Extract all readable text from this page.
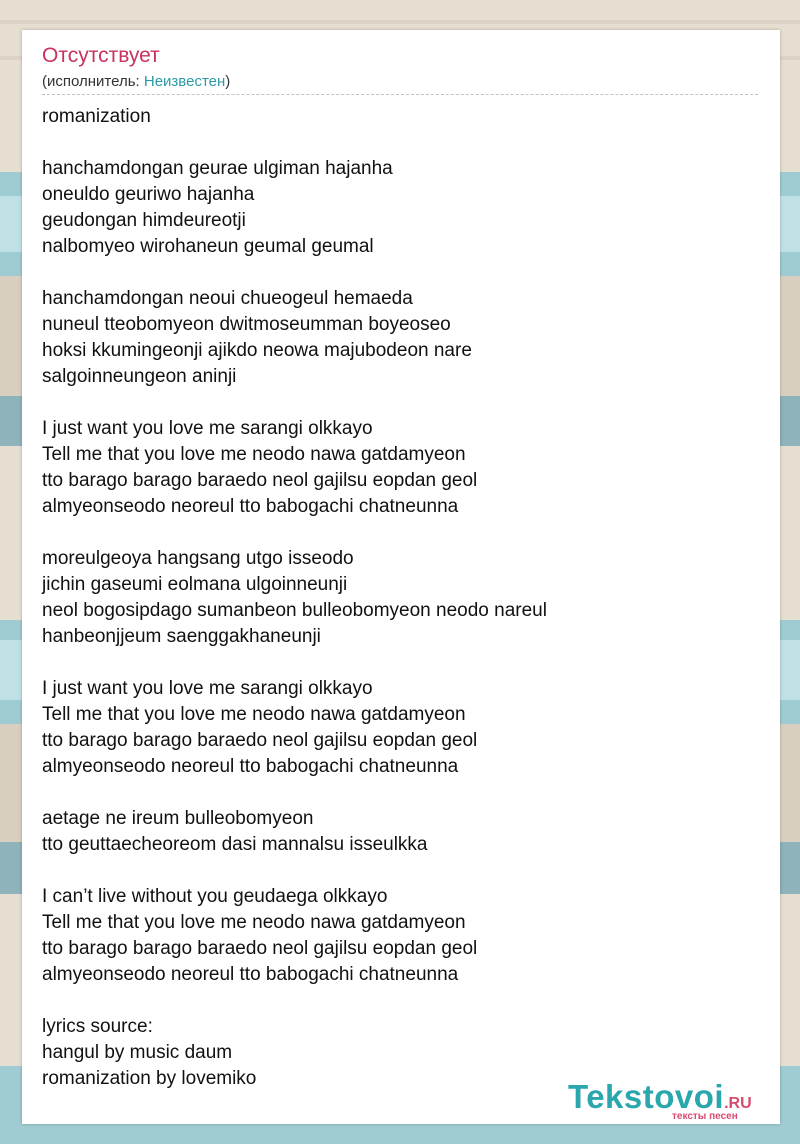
Отсутствует
(исполнитель: Неизвестен)
romanization
hanchamdongan geurae ulgiman hajanha
oneuldo geuriwo hajanha
geudongan himdeureotji
nalbomyeo wirohaneun geumal geumal
hanchamdongan neoui chueogeul hemaeda
nuneul tteobomyeon dwitmoseumman boyeoseo
hoksi kkumingeonji ajikdo neowa majubodeon nare
salgoinneungeon aninji
I just want you love me sarangi olkkayo
Tell me that you love me neodo nawa gatdamyeon
tto barago barago baraedo neol gajilsu eopdan geol
almyeonseodo neoreul tto babogachi chatneunna
moreulgeoya hangsang utgo isseodo
jichin gaseumi eolmana ulgoinneunji
neol bogosipdago sumanbeon bulleobomyeon neodo nareul
hanbeonjjeum saenggakhaneunji
I just want you love me sarangi olkkayo
Tell me that you love me neodo nawa gatdamyeon
tto barago barago baraedo neol gajilsu eopdan geol
almyeonseodo neoreul tto babogachi chatneunna
aetage ne ireum bulleobomyeon
tto geuttaecheoreom dasi mannalsu isseulkka
I can’t live without you geudaega olkkayo
Tell me that you love me neodo nawa gatdamyeon
tto barago barago baraedo neol gajilsu eopdan geol
almyeonseodo neoreul tto babogachi chatneunna
lyrics source:
hangul by music daum
romanization by lovemiko	Tekstovoi.RU
тексты песен
